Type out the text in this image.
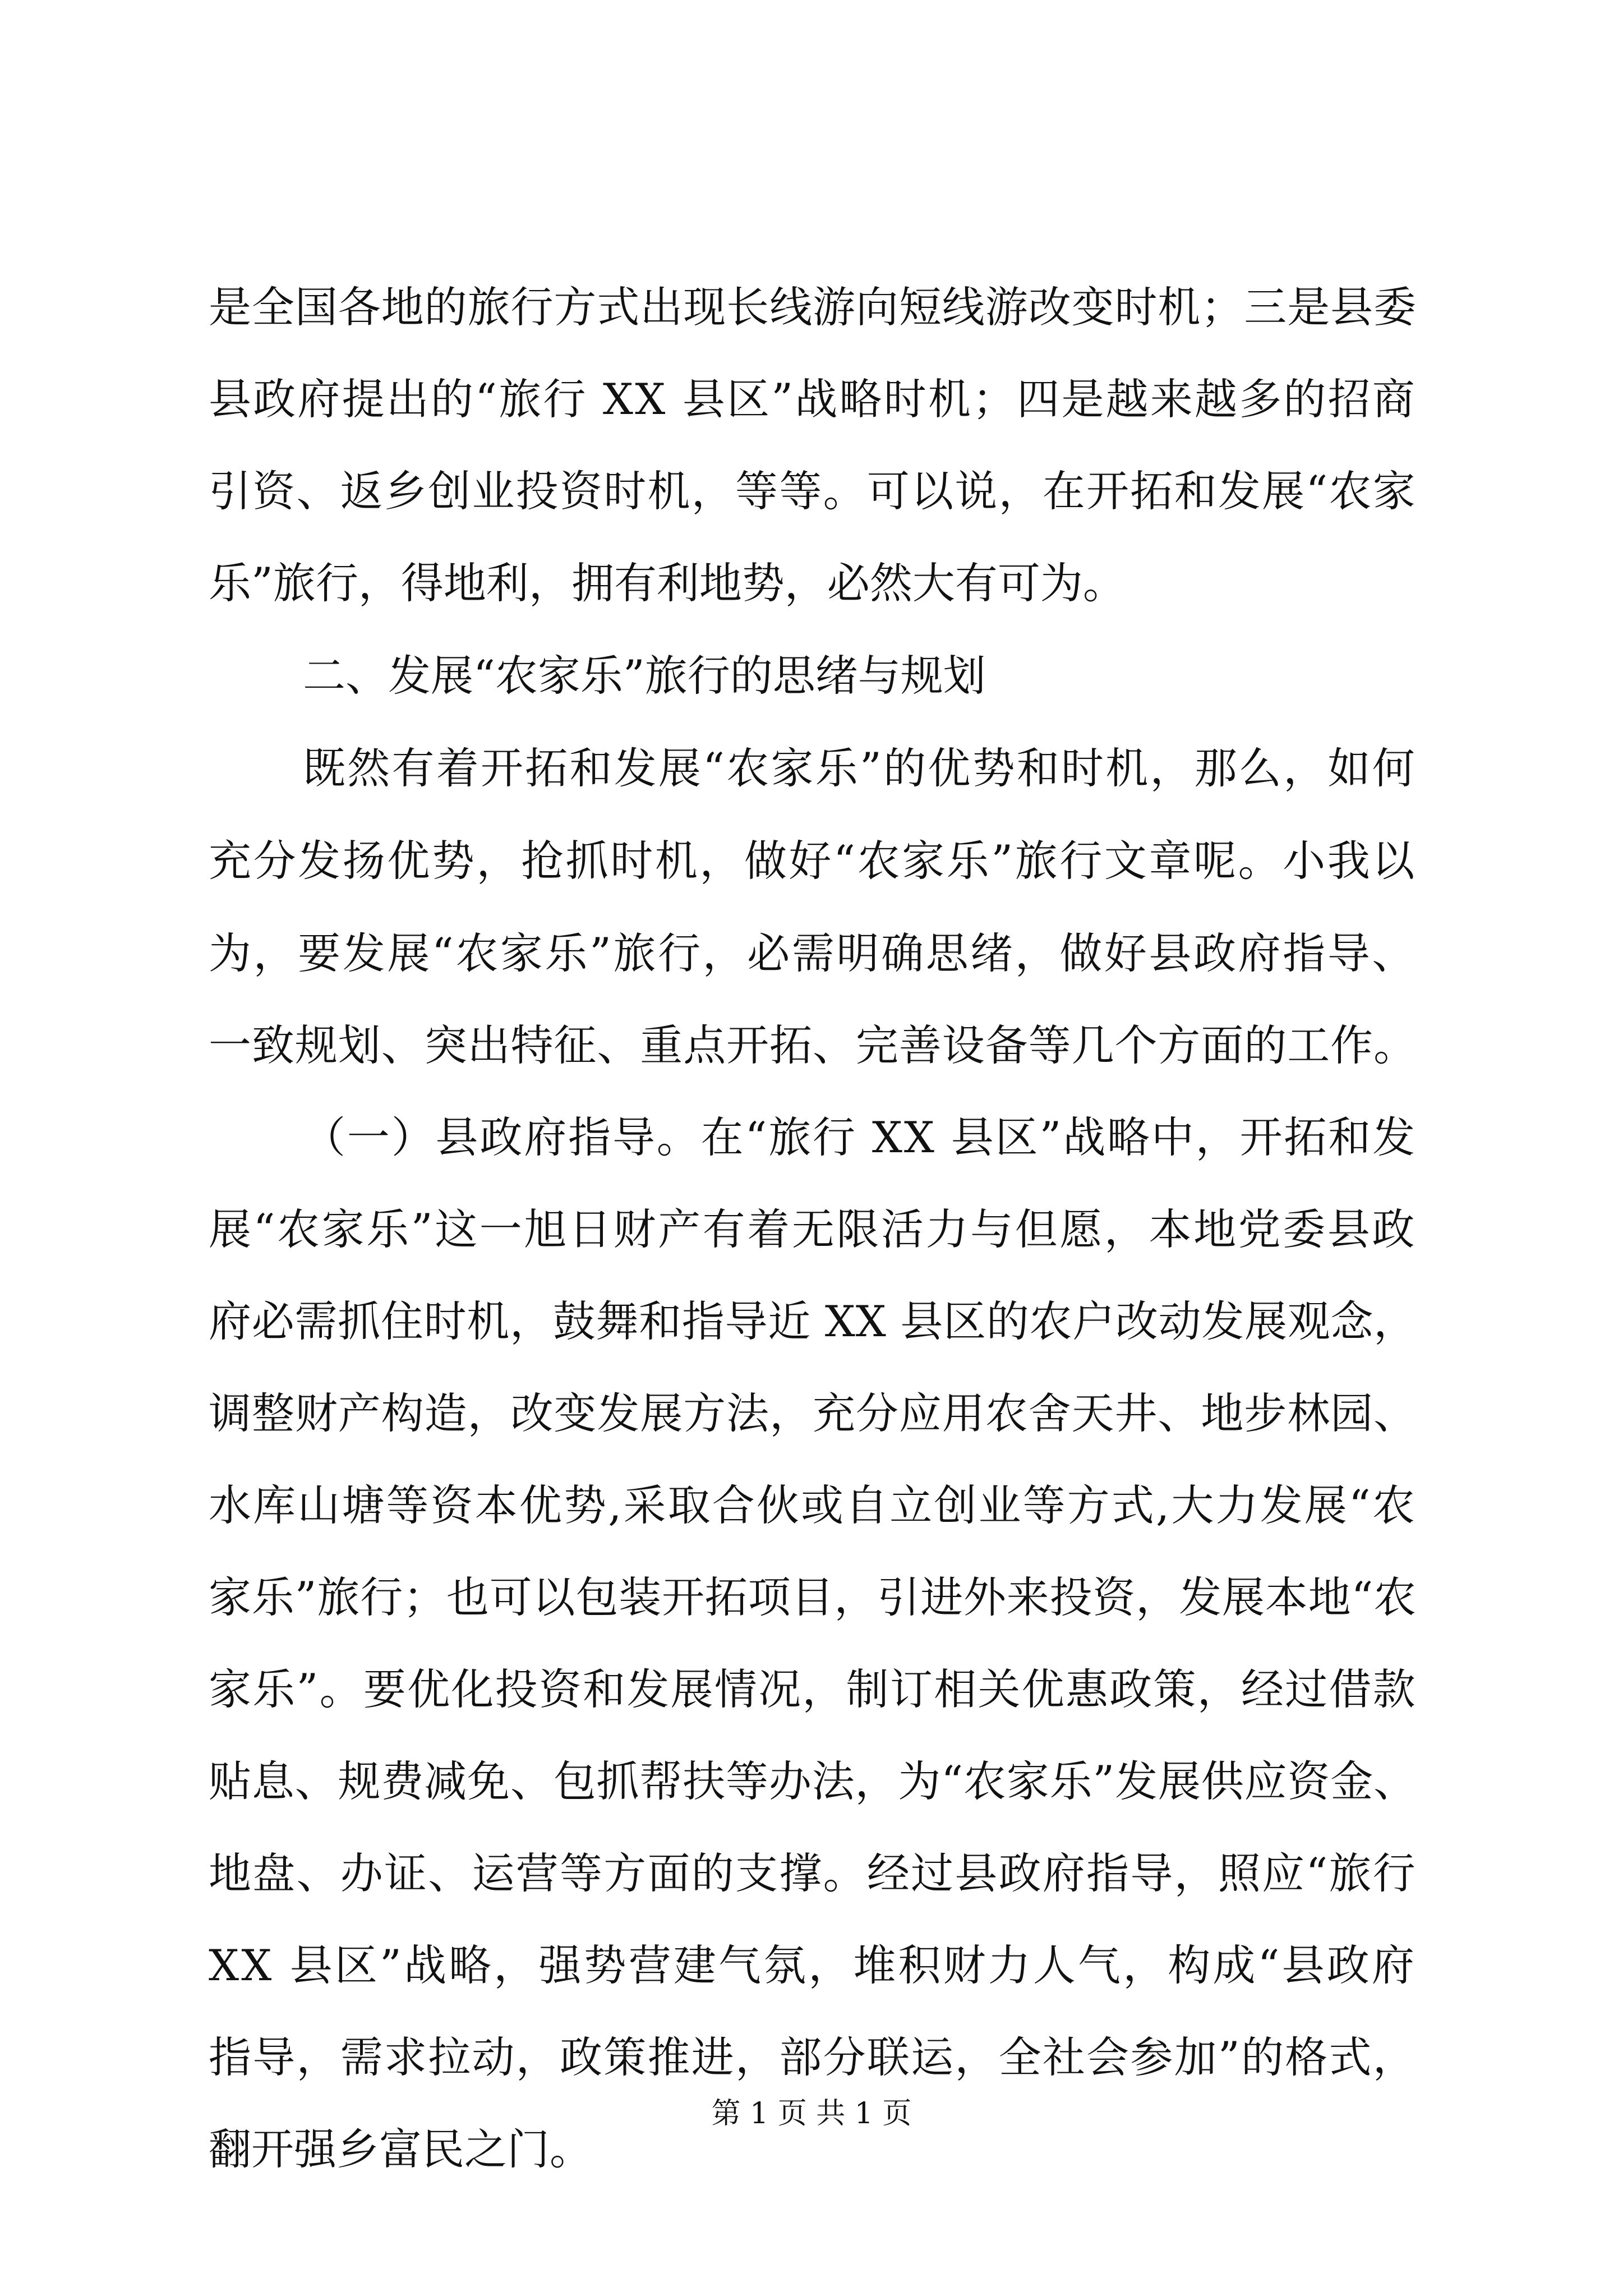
是全国各地的旅行方式出现长线游向短线游改变时机；三是县委
县政府提出的“旅行 XX 县区”战略时机；四是越来越多的招商
引资、返乡创业投资时机，等等。可以说，在开拓和发展“农家
乐”旅行，得地利，拥有利地势，必然大有可为。
二、发展“农家乐”旅行的思绪与规划
既然有着开拓和发展“农家乐”的优势和时机，那么，如何
充分发扬优势，抢抓时机，做好“农家乐”旅行文章呢。小我以
为，要发展“农家乐”旅行，必需明确思绪，做好县政府指导、
一致规划、突出特征、重点开拓、完善设备等几个方面的工作。
（一）县政府指导。在“旅行 XX 县区”战略中，开拓和发
展“农家乐”这一旭日财产有着无限活力与但愿，本地党委县政
府必需抓住时机，鼓舞和指导近 XX 县区的农户改动发展观念，
调整财产构造，改变发展方法，充分应用农舍天井、地步林园、
水库山塘等资本优势,采取合伙或自立创业等方式,大力发展“农
家乐”旅行；也可以包装开拓项目，引进外来投资，发展本地“农
家乐”。要优化投资和发展情况，制订相关优惠政策，经过借款
贴息、规费减免、包抓帮扶等办法，为“农家乐”发展供应资金、
地盘、办证、运营等方面的支撑。经过县政府指导，照应“旅行
XX 县区”战略，强势营建气氛，堆积财力人气，构成“县政府
指导，需求拉动，政策推进，部分联运，全社会参加”的格式，
翻开强乡富民之门。
第 1 页 共 1 页
